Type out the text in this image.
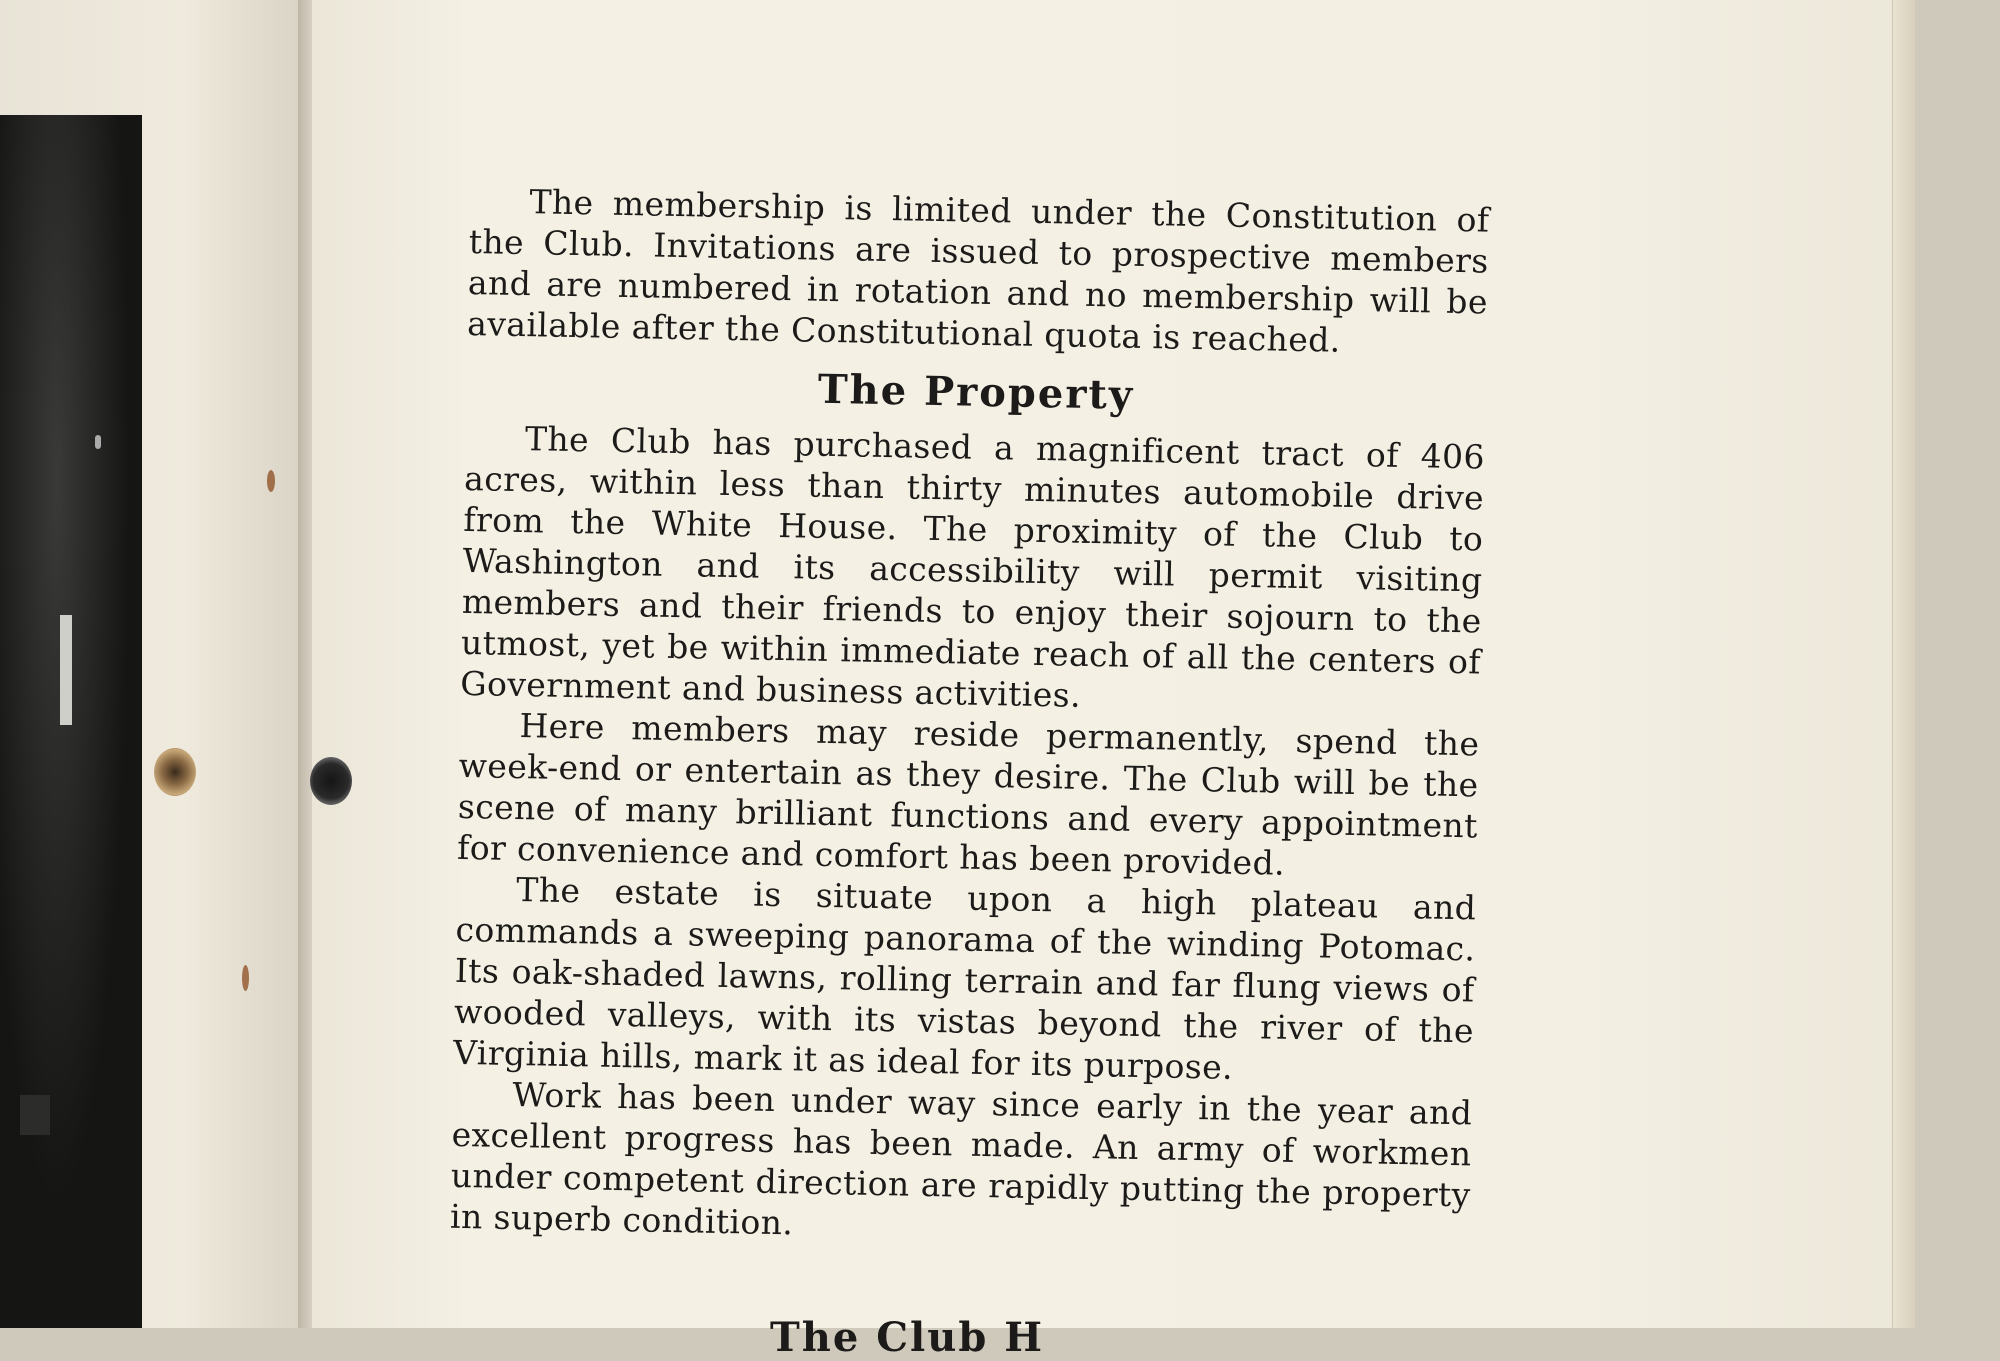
The membership is limited under the Constitution of the Club. Invitations are issued to prospective members and are numbered in rotation and no membership will be available after the Constitutional quota is reached.

The Property

The Club has purchased a magnificent tract of 406 acres, within less than thirty minutes automobile drive from the White House. The proximity of the Club to Washington and its accessibility will permit visiting members and their friends to enjoy their sojourn to the utmost, yet be within immediate reach of all the centers of Government and business activities.

Here members may reside permanently, spend the week-end or entertain as they desire. The Club will be the scene of many brilliant functions and every appointment for convenience and comfort has been provided.

The estate is situate upon a high plateau and commands a sweeping panorama of the winding Potomac. Its oak-shaded lawns, rolling terrain and far flung views of wooded valleys, with its vistas beyond the river of the Virginia hills, mark it as ideal for its purpose.

Work has been under way since early in the year and excellent progress has been made. An army of workmen under competent direction are rapidly putting the property in superb condition.

The Club H
